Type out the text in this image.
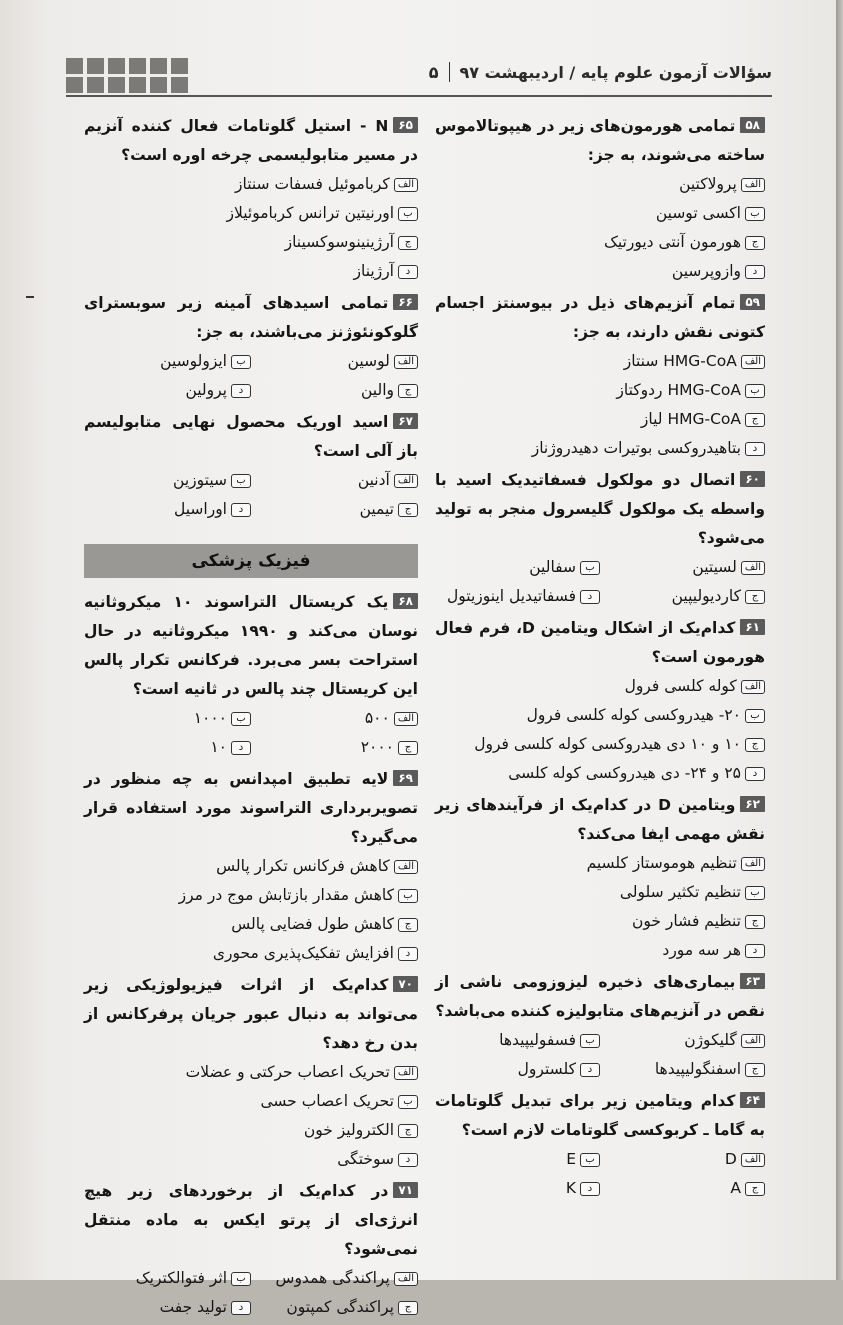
سؤالات آزمون علوم پایه / اردیبهشت ۹۷
۵
۵۸تمامی هورمون‌های زیر در هیپوتالاموس ساخته می‌شوند، به جز:
الف
پرولاکتین
ب
اکسی توسین
ج
هورمون آنتی دیورتیک
د
وازوپرسین
۵۹تمام آنزیم‌های ذیل در بیوسنتز اجسام کتونی نقش دارند، به جز:
الف
HMG-CoA سنتاز
ب
HMG-CoA ردوکتاز
ج
HMG-CoA لیاز
د
بتاهیدروکسی بوتیرات دهیدروژناز
۶۰اتصال دو مولکول فسفاتیدیک اسید با واسطه یک مولکول گلیسرول منجر به تولید می‌شود؟
الف
لسیتین
ب
سفالین
ج
کاردیولیپین
د
فسفاتیدیل اینوزیتول
۶۱کدام‌یک از اشکال ویتامین D، فرم فعال هورمون است؟
الف
کوله کلسی فرول
ب
۲۰- هیدروکسی کوله کلسی فرول
ج
۱۰ و ۱۰ دی هیدروکسی کوله کلسی فرول
د
۲۵ و ۲۴- دی هیدروکسی کوله کلسی
۶۲ویتامین D در کدام‌یک از فرآیندهای زیر نقش مهمی ایفا می‌کند؟
الف
تنظیم هوموستاز کلسیم
ب
تنظیم تکثیر سلولی
ج
تنظیم فشار خون
د
هر سه مورد
۶۳بیماری‌های ذخیره لیزوزومی ناشی از نقص در آنزیم‌های متابولیزه کننده می‌باشد؟
الف
گلیکوژن
ب
فسفولیپیدها
ج
اسفنگولیپیدها
د
کلسترول
۶۴کدام ویتامین زیر برای تبدیل گلوتامات به گاما ـ کربوکسی گلوتامات لازم است؟
الف
D
ب
E
ج
A
د
K
۶۵N - استیل گلوتامات فعال کننده آنزیم در مسیر متابولیسمی چرخه اوره است؟
الف
کرباموئیل فسفات سنتاز
ب
اورنیتین ترانس کرباموئیلاز
ج
آرژینینوسوکسیناز
د
آرژیناز
۶۶تمامی اسیدهای آمینه زیر سوبسترای گلوکونئوژنز می‌باشند، به جز:
الف
لوسین
ب
ایزولوسین
ج
والین
د
پرولین
۶۷اسید اوریک محصول نهایی متابولیسم باز آلی است؟
الف
آدنین
ب
سیتوزین
ج
تیمین
د
اوراسیل
فیزیک پزشکی
۶۸یک کریستال التراسوند ۱۰ میکروثانیه نوسان می‌کند و ۱۹۹۰ میکروثانیه در حال استراحت بسر می‌برد. فرکانس تکرار پالس این کریستال چند پالس در ثانیه است؟
الف
۵۰۰
ب
۱۰۰۰
ج
۲۰۰۰
د
۱۰
۶۹لایه تطبیق امپدانس به چه منظور در تصویربرداری التراسوند مورد استفاده قرار می‌گیرد؟
الف
کاهش فرکانس تکرار پالس
ب
کاهش مقدار بازتابش موج در مرز
ج
کاهش طول فضایی پالس
د
افزایش تفکیک‌پذیری محوری
۷۰کدام‌یک از اثرات فیزیولوژیکی زیر می‌تواند به دنبال عبور جریان پرفرکانس از بدن رخ دهد؟
الف
تحریک اعصاب حرکتی و عضلات
ب
تحریک اعصاب حسی
ج
الکترولیز خون
د
سوختگی
۷۱در کدام‌یک از برخوردهای زیر هیچ انرژی‌ای از پرتو ایکس به ماده منتقل نمی‌شود؟
الف
پراکندگی همدوس
ب
اثر فتوالکتریک
ج
پراکندگی کمپتون
د
تولید جفت
